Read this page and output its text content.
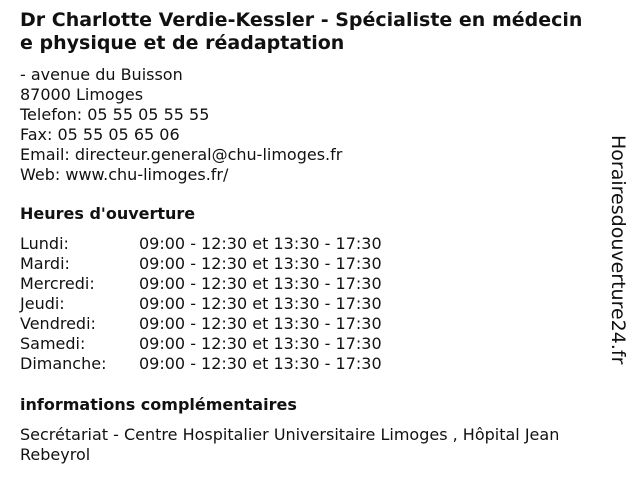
Dr Charlotte Verdie-Kessler - Spécialiste en médecin
e physique et de réadaptation
- avenue du Buisson
87000 Limoges
Telefon: 05 55 05 55 55
Fax: 05 55 05 65 06
Email: directeur.general@chu-limoges.fr
Web: www.chu-limoges.fr/
Heures d'ouverture
Lundi:	09:00 - 12:30 et 13:30 - 17:30
Mardi:	09:00 - 12:30 et 13:30 - 17:30
Mercredi:	09:00 - 12:30 et 13:30 - 17:30
Jeudi:	09:00 - 12:30 et 13:30 - 17:30
Vendredi:	09:00 - 12:30 et 13:30 - 17:30
Samedi:	09:00 - 12:30 et 13:30 - 17:30
Dimanche: 09:00 - 12:30 et 13:30 - 17:30
informations complémentaires
Secrétariat - Centre Hospitalier Universitaire Limoges , Hôpital Jean Rebeyrol
Horairesdouverture24.fr
